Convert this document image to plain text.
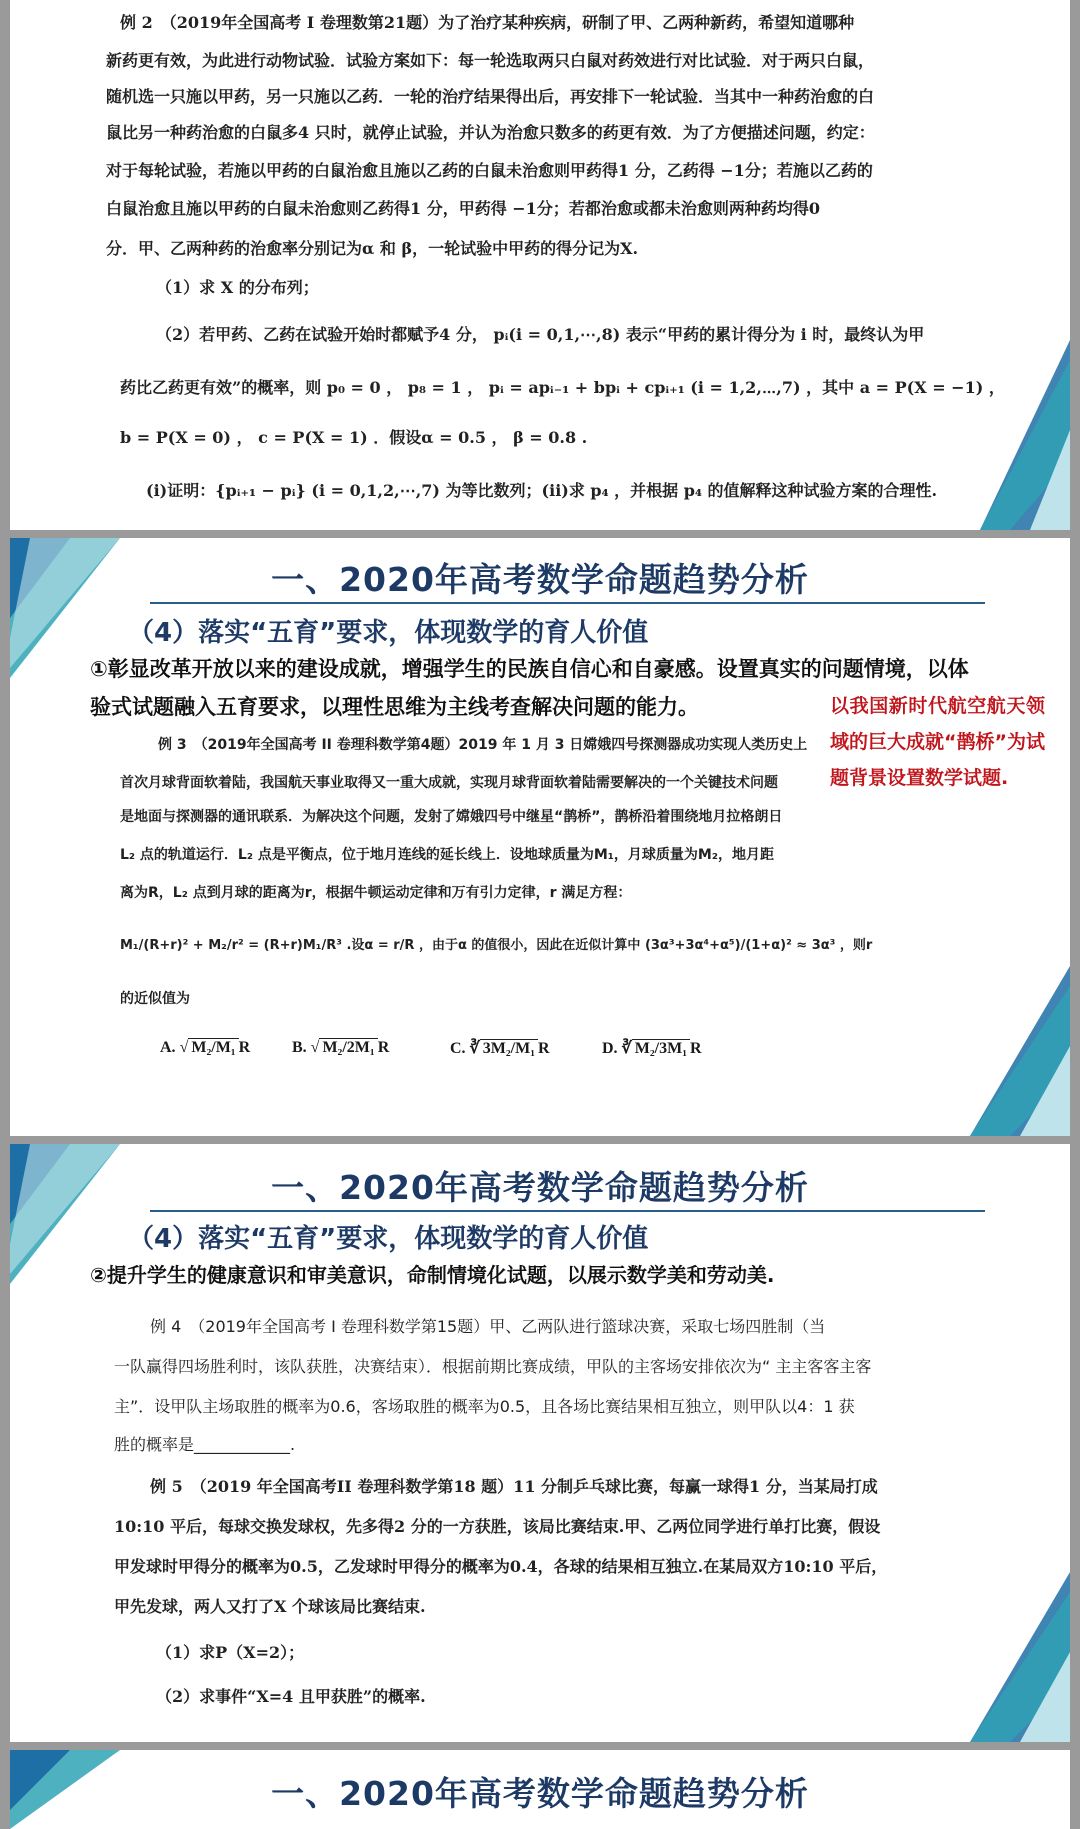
例 2　（2019年全国高考 I 卷理数第21题）为了治疗某种疾病，研制了甲、乙两种新药，希望知道哪种
新药更有效，为此进行动物试验．试验方案如下：每一轮选取两只白鼠对药效进行对比试验．对于两只白鼠，
随机选一只施以甲药，另一只施以乙药．一轮的治疗结果得出后，再安排下一轮试验．当其中一种药治愈的白
鼠比另一种药治愈的白鼠多4 只时，就停止试验，并认为治愈只数多的药更有效．为了方便描述问题，约定：
对于每轮试验，若施以甲药的白鼠治愈且施以乙药的白鼠未治愈则甲药得1 分，乙药得 −1分；若施以乙药的
白鼠治愈且施以甲药的白鼠未治愈则乙药得1 分，甲药得 −1分；若都治愈或都未治愈则两种药均得0
分．甲、乙两种药的治愈率分别记为α 和 β，一轮试验中甲药的得分记为X.
（1）求 X 的分布列；
（2）若甲药、乙药在试验开始时都赋予4 分， pᵢ(i = 0,1,⋯,8) 表示“甲药的累计得分为 i 时，最终认为甲
药比乙药更有效”的概率，则 p₀ = 0 ， p₈ = 1 ， pᵢ = apᵢ₋₁ + bpᵢ + cpᵢ₊₁ (i = 1,2,⋯,7) ，其中 a = P(X = −1) ，
b = P(X = 0) ， c = P(X = 1) ．假设α = 0.5 ， β = 0.8 .
(i)证明：{pᵢ₊₁ − pᵢ} (i = 0,1,2,⋯,7) 为等比数列；(ii)求 p₄ ，并根据 p₄ 的值解释这种试验方案的合理性.
一、2020年高考数学命题趋势分析
（4）落实“五育”要求，体现数学的育人价值
①彰显改革开放以来的建设成就，增强学生的民族自信心和自豪感。设置真实的问题情境，以体验式试题融入五育要求，以理性思维为主线考查解决问题的能力。
例 3　（2019年全国高考 II 卷理科数学第4题）2019 年 1 月 3 日嫦娥四号探测器成功实现人类历史上
首次月球背面软着陆，我国航天事业取得又一重大成就，实现月球背面软着陆需要解决的一个关键技术问题
是地面与探测器的通讯联系．为解决这个问题，发射了嫦娥四号中继星“鹊桥”，鹊桥沿着围绕地月拉格朗日
L₂ 点的轨道运行．L₂ 点是平衡点，位于地月连线的延长线上．设地球质量为M₁，月球质量为M₂，地月距
离为R，L₂ 点到月球的距离为r，根据牛顿运动定律和万有引力定律，r 满足方程：
M₁/(R+r)² + M₂/r² = (R+r)M₁/R³ .设α = r/R ，由于α 的值很小，因此在近似计算中 (3α³+3α⁴+α⁵)/(1+α)² ≈ 3α³ ，则r
的近似值为
A. √ M₂/M₁ R	B. √ M₂/2M₁ R	C. ∛ 3M₂/M₁ R	D. ∛ M₂/3M₁ R
以我国新时代航空航天领域的巨大成就“鹊桥”为试题背景设置数学试题.
一、2020年高考数学命题趋势分析
（4）落实“五育”要求，体现数学的育人价值
②提升学生的健康意识和审美意识，命制情境化试题，以展示数学美和劳动美.
例 4　（2019年全国高考 I 卷理科数学第15题）甲、乙两队进行篮球决赛，采取七场四胜制（当
一队赢得四场胜利时，该队获胜，决赛结束）．根据前期比赛成绩，甲队的主客场安排依次为“ 主主客客主客
主”．设甲队主场取胜的概率为0.6，客场取胜的概率为0.5，且各场比赛结果相互独立，则甲队以4：1 获
胜的概率是____________.
例 5　（2019 年全国高考II 卷理科数学第18 题）11 分制乒乓球比赛，每赢一球得1 分，当某局打成
10:10 平后，每球交换发球权，先多得2 分的一方获胜，该局比赛结束.甲、乙两位同学进行单打比赛，假设
甲发球时甲得分的概率为0.5，乙发球时甲得分的概率为0.4，各球的结果相互独立.在某局双方10:10 平后，
甲先发球，两人又打了X 个球该局比赛结束.
（1）求P（X=2）；
（2）求事件“X=4 且甲获胜”的概率.
一、2020年高考数学命题趋势分析	邹生书数学
